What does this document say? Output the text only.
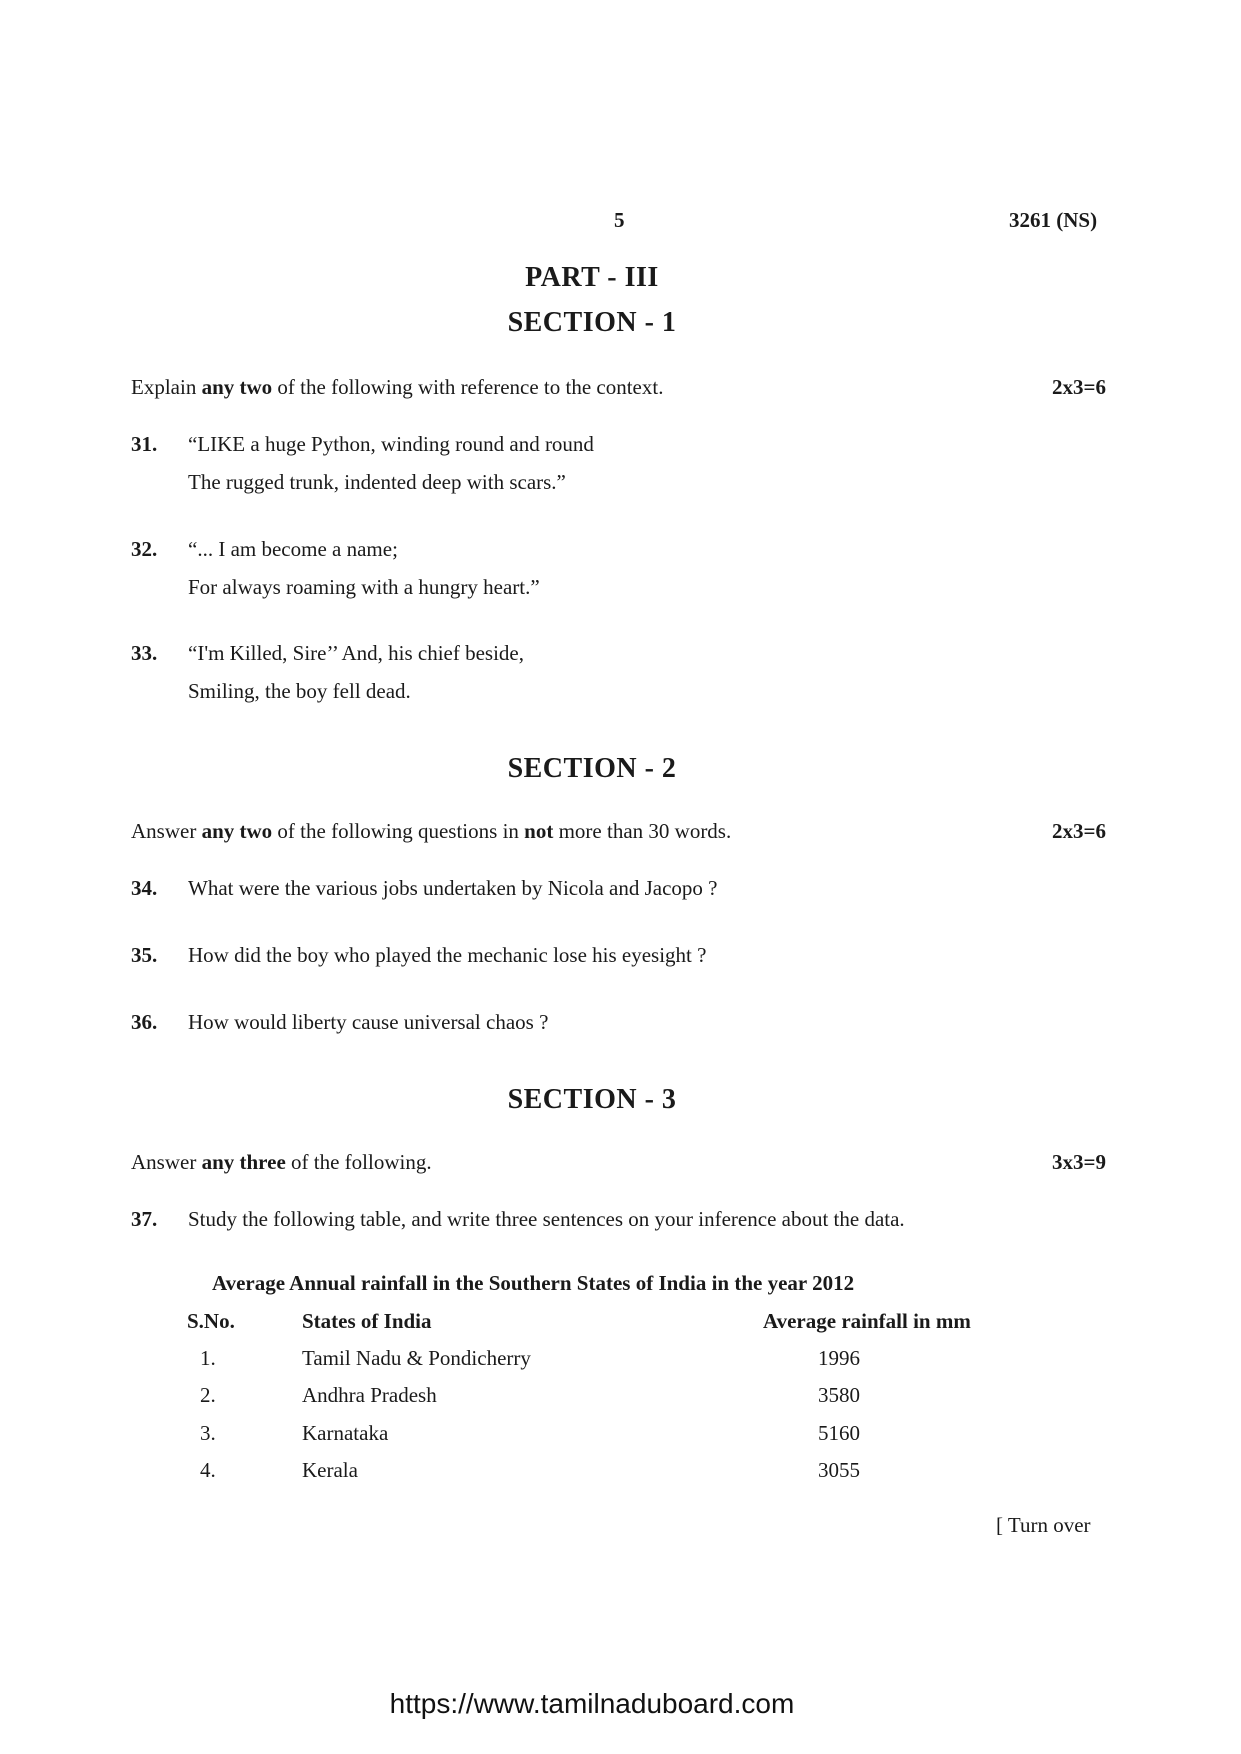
5	3261 (NS)
PART - III
SECTION - 1
Explain any two of the following with reference to the context.	2x3=6
31. “LIKE a huge Python, winding round and round
The rugged trunk, indented deep with scars.”
32. “... I am become a name;
For always roaming with a hungry heart.”
33. “I'm Killed, Sire’’ And, his chief beside,
Smiling, the boy fell dead.
SECTION - 2
Answer any two of the following questions in not more than 30 words.	2x3=6
34. What were the various jobs undertaken by Nicola and Jacopo ?
35. How did the boy who played the mechanic lose his eyesight ?
36. How would liberty cause universal chaos ?
SECTION - 3
Answer any three of the following.	3x3=9
37. Study the following table, and write three sentences on your inference about the data.
Average Annual rainfall in the Southern States of India in the year 2012
S.No.	States of India	Average rainfall in mm
1.	Tamil Nadu & Pondicherry	1996
2.	Andhra Pradesh	3580
3.	Karnataka	5160
4.	Kerala	3055
[ Turn over
https://www.tamilnaduboard.com
